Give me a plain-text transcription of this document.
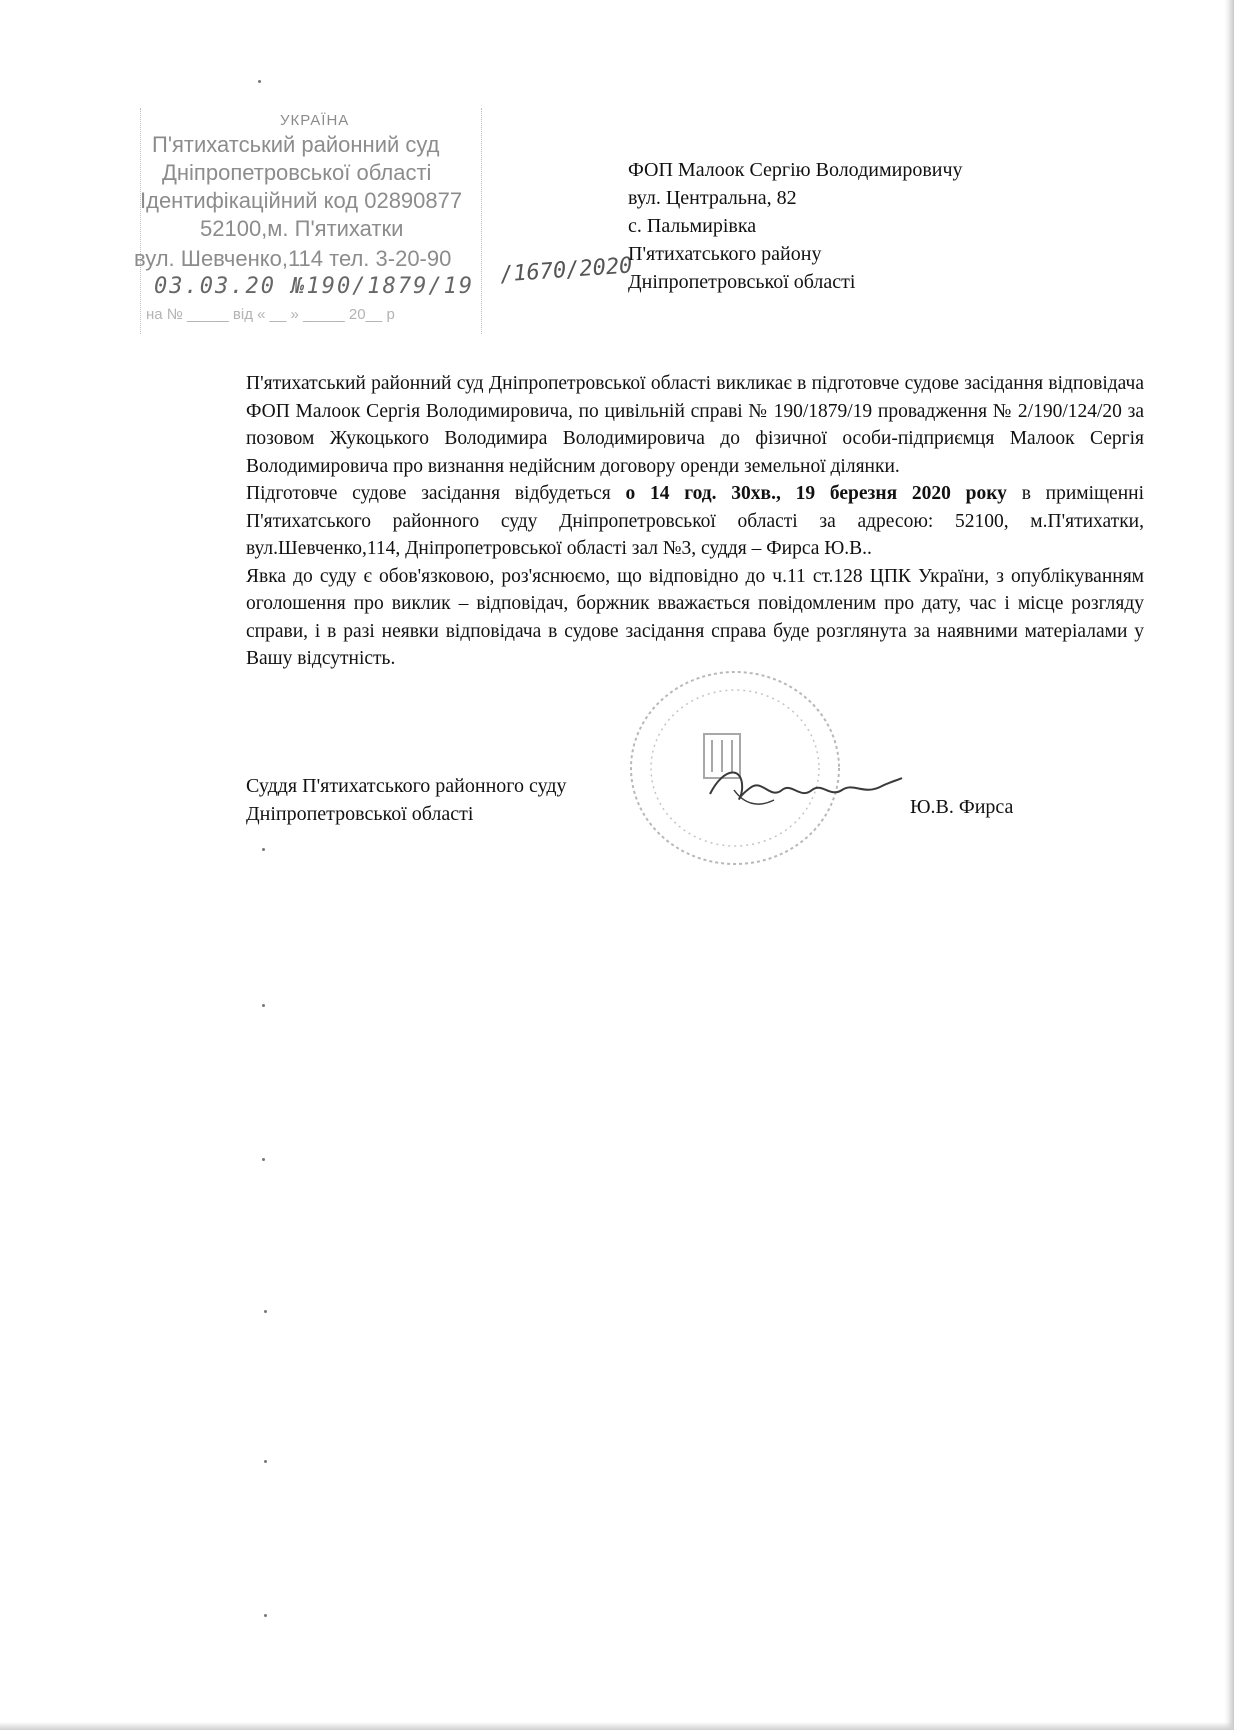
УКРАЇНА
П'ятихатський районний суд
Дніпропетровської області
Ідентифікаційний код 02890877
52100,м. П'ятихатки
вул. Шевченко,114 тел. 3-20-90
03.03.20 №190/1879/19
на № _____ від « __ » _____ 20__ р
/1670/2020
ФОП Малоок Сергію Володимировичу
вул. Центральна, 82
с. Пальмирівка
П'ятихатського району
Дніпропетровської області

П'ятихатський районний суд Дніпропетровської області викликає в підготовче судове засідання відповідача ФОП Малоок Сергія Володимировича, по цивільній справі № 190/1879/19 провадження № 2/190/124/20 за позовом Жукоцького Володимира Володимировича до фізичної особи-підприємця Малоок Сергія Володимировича про визнання недійсним договору оренди земельної ділянки.

Підготовче судове засідання відбудеться о 14 год. 30хв., 19 березня 2020 року в приміщенні П'ятихатського районного суду Дніпропетровської області за адресою: 52100, м.П'ятихатки, вул.Шевченко,114, Дніпропетровської області зал №3, суддя – Фирса Ю.В..

Явка до суду є обов'язковою, роз'яснюємо, що відповідно до ч.11 ст.128 ЦПК України, з опублікуванням оголошення про виклик – відповідач, боржник вважається повідомленим про дату, час і місце розгляду справи, і в разі неявки відповідача в судове засідання справа буде розглянута за наявними матеріалами у Вашу відсутність.

Суддя П'ятихатського районного суду
Дніпропетровської області	Ю.В. Фирса
